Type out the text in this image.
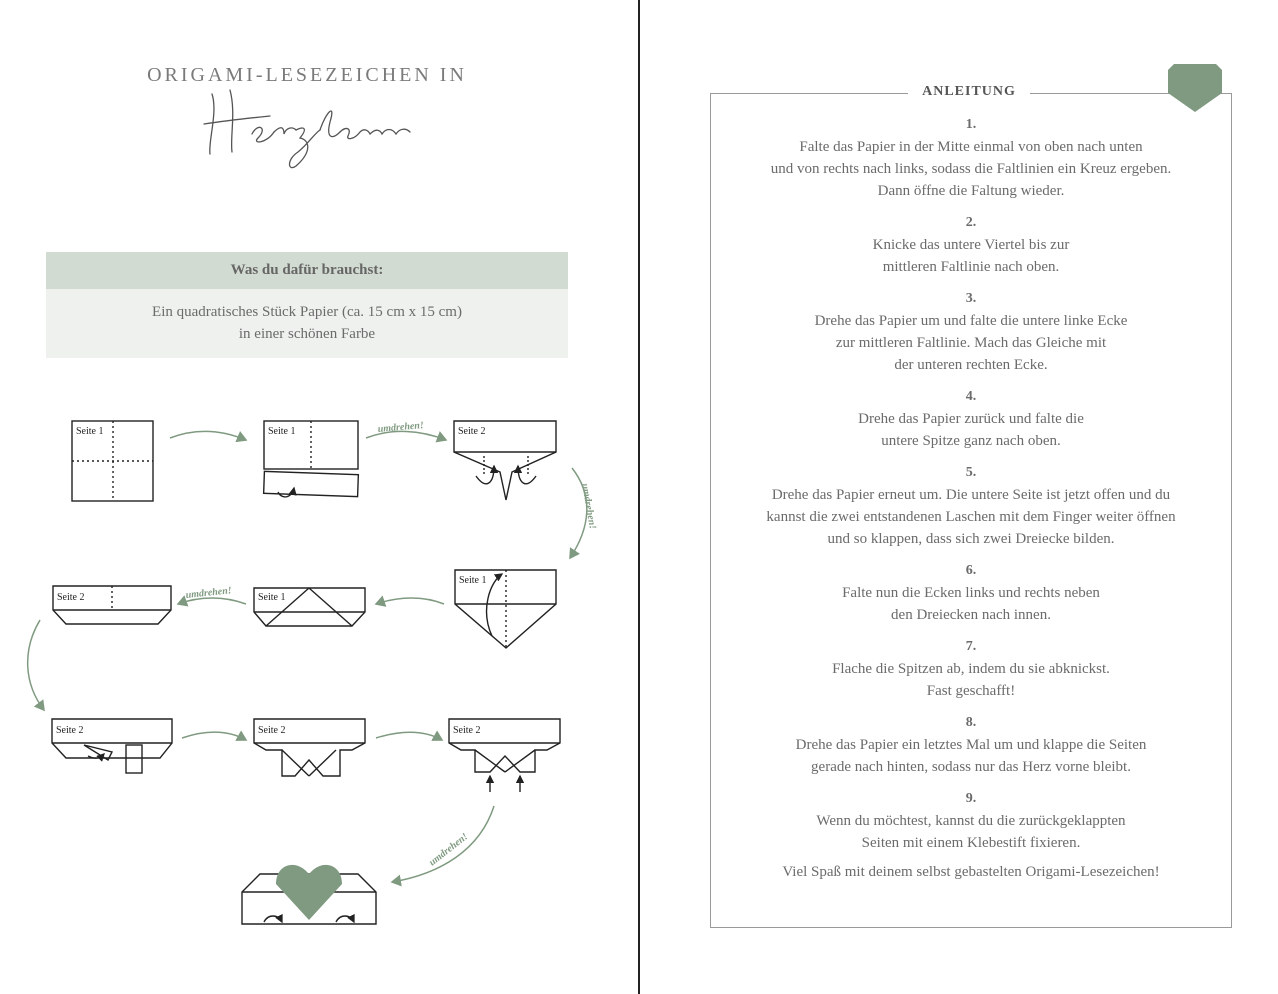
ORIGAMI-LESEZEICHEN IN
Was du dafür brauchst:
Ein quadratisches Stück Papier (ca. 15 cm x 15 cm)
in einer schönen Farbe
Seite 1	Seite 1	Seite 2
Seite 1
Seite 1
Seite 2
Seite 2	Seite 2	Seite 2
umdrehen!
umdrehen!
umdrehen!
umdrehen!
ANLEITUNG
1.
Falte das Papier in der Mitte einmal von oben nach unten
und von rechts nach links, sodass die Faltlinien ein Kreuz ergeben.
Dann öffne die Faltung wieder.
2.
Knicke das untere Viertel bis zur
mittleren Faltlinie nach oben.
3.
Drehe das Papier um und falte die untere linke Ecke
zur mittleren Faltlinie. Mach das Gleiche mit
der unteren rechten Ecke.
4.
Drehe das Papier zurück und falte die
untere Spitze ganz nach oben.
5.
Drehe das Papier erneut um. Die untere Seite ist jetzt offen und du
kannst die zwei entstandenen Laschen mit dem Finger weiter öffnen
und so klappen, dass sich zwei Dreiecke bilden.
6.
Falte nun die Ecken links und rechts neben
den Dreiecken nach innen.
7.
Flache die Spitzen ab, indem du sie abknickst.
Fast geschafft!
8.
Drehe das Papier ein letztes Mal um und klappe die Seiten
gerade nach hinten, sodass nur das Herz vorne bleibt.
9.
Wenn du möchtest, kannst du die zurückgeklappten
Seiten mit einem Klebestift fixieren.
Viel Spaß mit deinem selbst gebastelten Origami-Lesezeichen!
